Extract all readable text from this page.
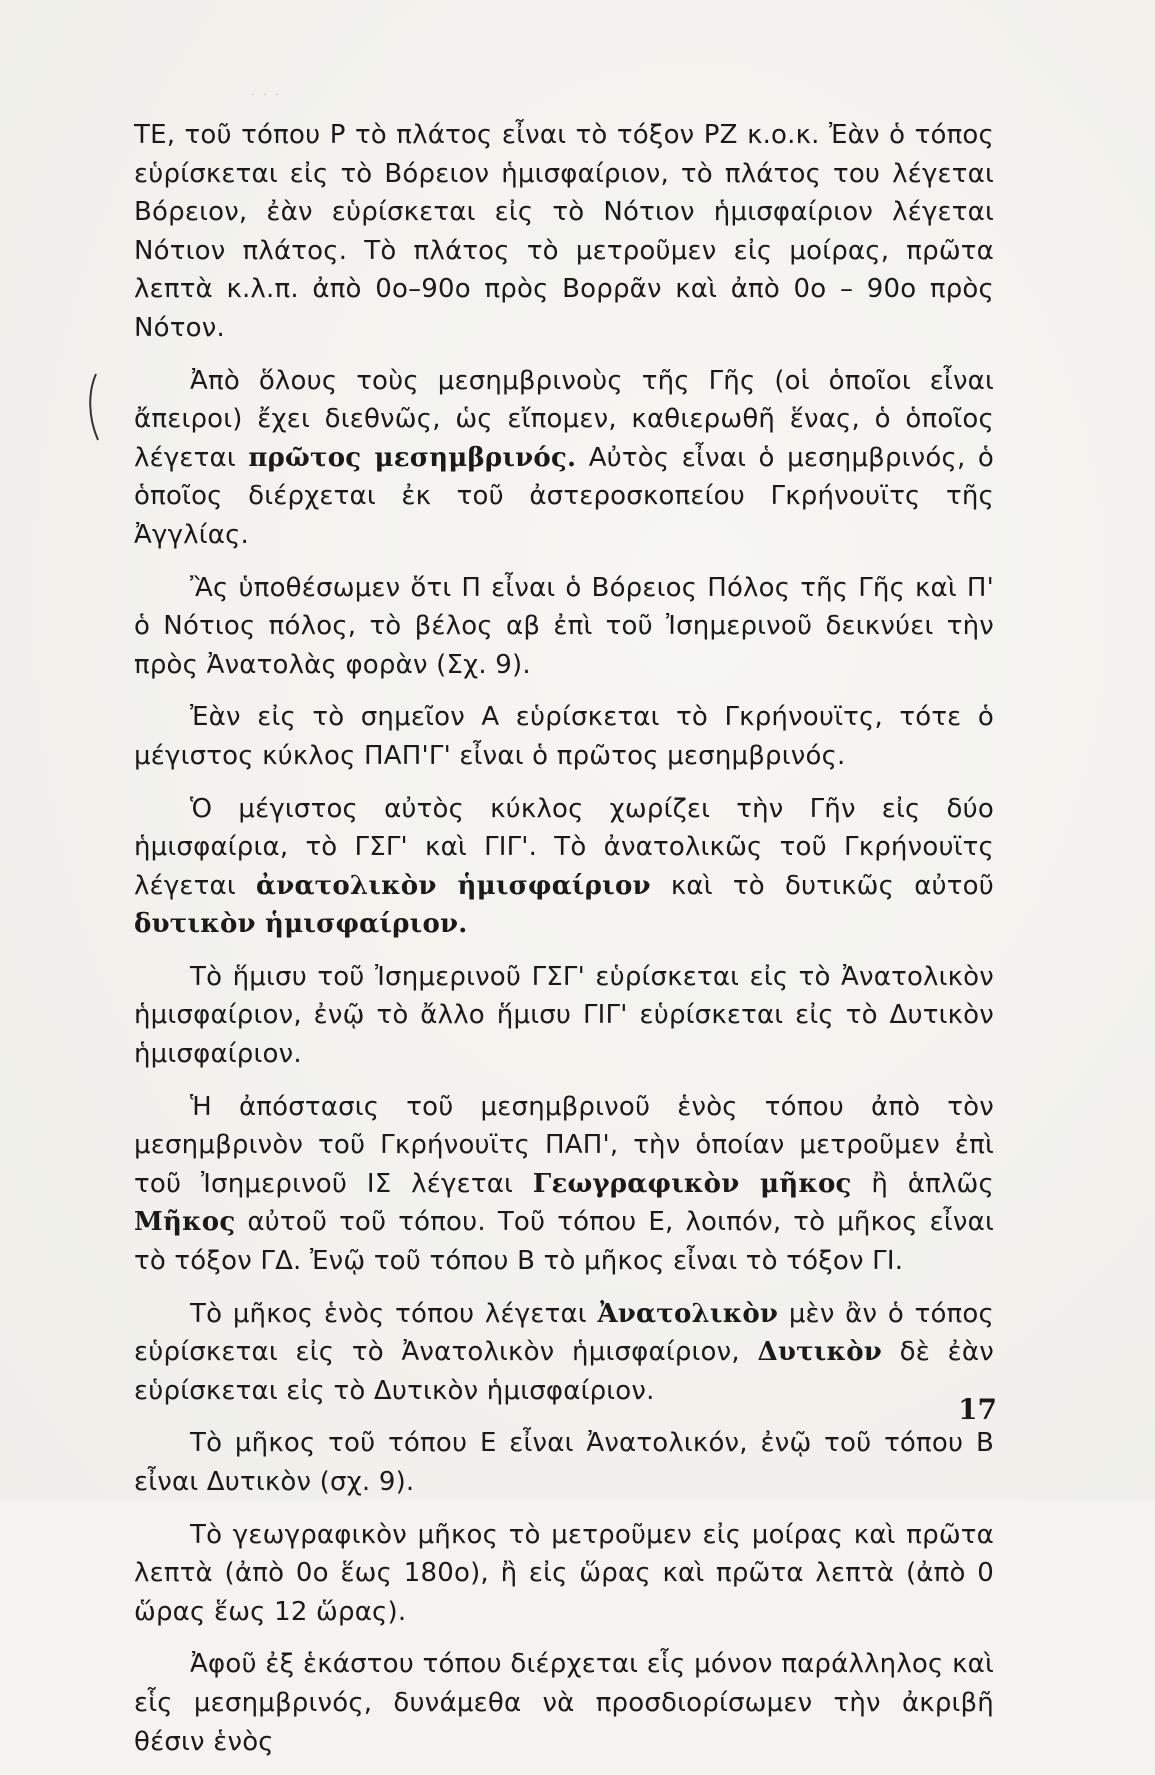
· · ·

ΤΕ, τοῦ τόπου Ρ τὸ πλάτος εἶναι τὸ τόξον ΡΖ κ.ο.κ. Ἐὰν ὁ τόπος εὑρίσκεται εἰς τὸ Βόρειον ἡμισφαίριον, τὸ πλάτος του λέγεται Βόρειον, ἐὰν εὑρίσκεται εἰς τὸ Νότιον ἡμισφαίριον λέγεται Νότιον πλάτος. Τὸ πλάτος τὸ μετροῦμεν εἰς μοίρας, πρῶτα λεπτὰ κ.λ.π. ἀπὸ 0ο–90ο πρὸς Βορρᾶν καὶ ἀπὸ 0ο – 90ο πρὸς Νότον.

Ἀπὸ ὅλους τοὺς μεσημβρινοὺς τῆς Γῆς (οἱ ὁποῖοι εἶναι ἄπειροι) ἔχει διεθνῶς, ὡς εἴπομεν, καθιερωθῆ ἕνας, ὁ ὁποῖος λέγεται πρῶτος μεσημβρινός. Αὐτὸς εἶναι ὁ μεσημβρινός, ὁ ὁποῖος διέρχεται ἐκ τοῦ ἀστεροσκοπείου Γκρήνουϊτς τῆς Ἀγγλίας.

Ἂς ὑποθέσωμεν ὅτι Π εἶναι ὁ Βόρειος Πόλος τῆς Γῆς καὶ Π' ὁ Νότιος πόλος, τὸ βέλος αβ ἐπὶ τοῦ Ἰσημερινοῦ δεικνύει τὴν πρὸς Ἀνατολὰς φορὰν (Σχ. 9).

Ἐὰν εἰς τὸ σημεῖον Α εὑρίσκεται τὸ Γκρήνουϊτς, τότε ὁ μέγιστος κύκλος ΠΑΠ'Γ' εἶναι ὁ πρῶτος μεσημβρινός.

Ὁ μέγιστος αὐτὸς κύκλος χωρίζει τὴν Γῆν εἰς δύο ἡμισφαίρια, τὸ ΓΣΓ' καὶ ΓΙΓ'. Τὸ ἀνατολικῶς τοῦ Γκρήνουϊτς λέγεται ἀνατολικὸν ἡμισφαίριον καὶ τὸ δυτικῶς αὐτοῦ δυτικὸν ἡμισφαίριον.

Τὸ ἥμισυ τοῦ Ἰσημερινοῦ ΓΣΓ' εὑρίσκεται εἰς τὸ Ἀνατολικὸν ἡμισφαίριον, ἐνῷ τὸ ἄλλο ἥμισυ ΓΙΓ' εὑρίσκεται εἰς τὸ Δυτικὸν ἡμισφαίριον.

Ἡ ἀπόστασις τοῦ μεσημβρινοῦ ἑνὸς τόπου ἀπὸ τὸν μεσημβρινὸν τοῦ Γκρήνουϊτς ΠΑΠ', τὴν ὁποίαν μετροῦμεν ἐπὶ τοῦ Ἰσημερινοῦ ΙΣ λέγεται Γεωγραφικὸν μῆκος ἢ ἁπλῶς Μῆκος αὐτοῦ τοῦ τόπου. Τοῦ τόπου Ε, λοιπόν, τὸ μῆκος εἶναι τὸ τόξον ΓΔ. Ἐνῷ τοῦ τόπου Β τὸ μῆκος εἶναι τὸ τόξον ΓΙ.

Τὸ μῆκος ἑνὸς τόπου λέγεται Ἀνατολικὸν μὲν ἂν ὁ τόπος εὑρίσκεται εἰς τὸ Ἀνατολικὸν ἡμισφαίριον, Δυτικὸν δὲ ἐὰν εὑρίσκεται εἰς τὸ Δυτικὸν ἡμισφαίριον.

Τὸ μῆκος τοῦ τόπου Ε εἶναι Ἀνατολικόν, ἐνῷ τοῦ τόπου Β εἶναι Δυτικὸν (σχ. 9).

Τὸ γεωγραφικὸν μῆκος τὸ μετροῦμεν εἰς μοίρας καὶ πρῶτα λεπτὰ (ἀπὸ 0ο ἕως 180ο), ἢ εἰς ὥρας καὶ πρῶτα λεπτὰ (ἀπὸ 0 ὥρας ἕως 12 ὥρας).

Ἀφοῦ ἐξ ἑκάστου τόπου διέρχεται εἷς μόνον παράλληλος καὶ εἷς μεσημβρινός, δυνάμεθα νὰ προσδιορίσωμεν τὴν ἀκριβῆ θέσιν ἑνὸς

17
